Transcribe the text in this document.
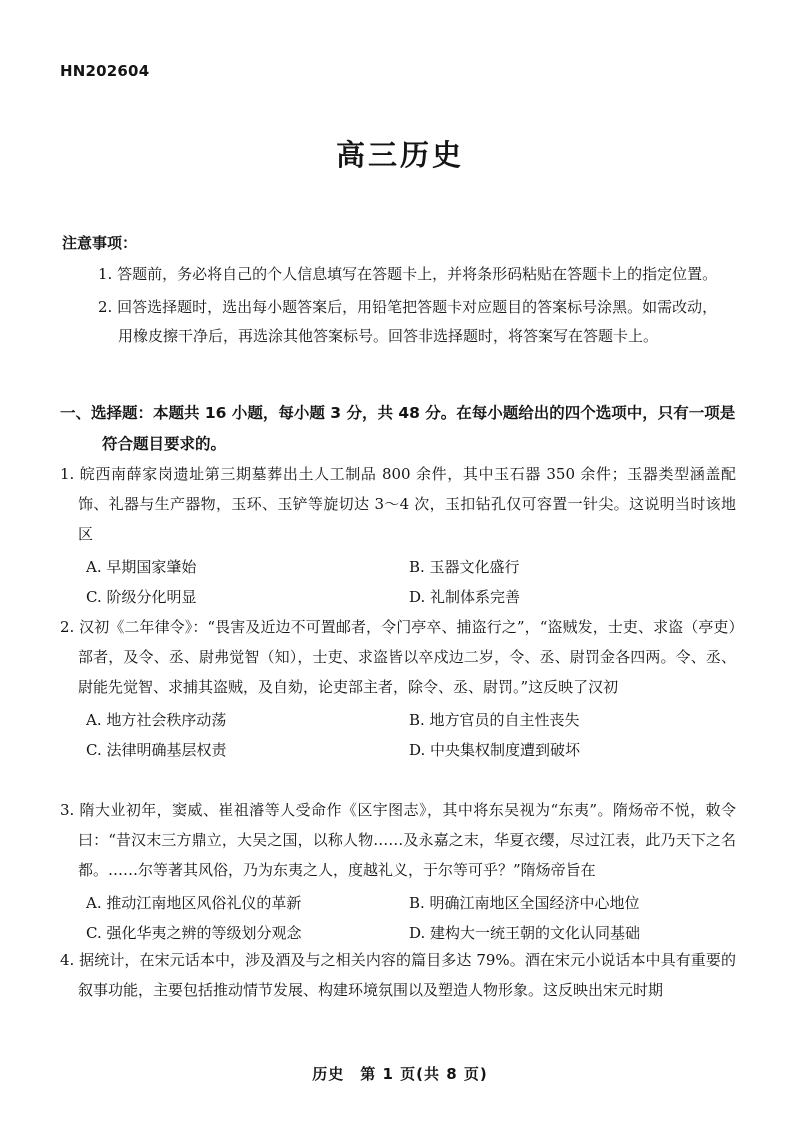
HN202604
高三历史
注意事项：
1. 答题前，务必将自己的个人信息填写在答题卡上，并将条形码粘贴在答题卡上的指定位置。
2. 回答选择题时，选出每小题答案后，用铅笔把答题卡对应题目的答案标号涂黑。如需改动，用橡皮擦干净后，再选涂其他答案标号。回答非选择题时，将答案写在答题卡上。
一、选择题：本题共 16 小题，每小题 3 分，共 48 分。在每小题给出的四个选项中，只有一项是
符合题目要求的。
1. 皖西南薛家岗遗址第三期墓葬出土人工制品 800 余件，其中玉石器 350 余件；玉器类型涵盖配饰、礼器与生产器物，玉环、玉铲等旋切达 3～4 次，玉扣钻孔仅可容置一针尖。这说明当时该地区
A. 早期国家肇始	B. 玉器文化盛行
C. 阶级分化明显	D. 礼制体系完善
2. 汉初《二年律令》：“畏害及近边不可置邮者，令门亭卒、捕盗行之”，“盗贼发，士吏、求盗（亭吏）部者，及令、丞、尉弗觉智（知），士吏、求盗皆以卒戍边二岁，令、丞、尉罚金各四两。令、丞、尉能先觉智、求捕其盗贼，及自劾，论吏部主者，除令、丞、尉罚。”这反映了汉初
A. 地方社会秩序动荡	B. 地方官员的自主性丧失
C. 法律明确基层权责	D. 中央集权制度遭到破坏
3. 隋大业初年，窦威、崔祖濬等人受命作《区宇图志》，其中将东吴视为“东夷”。隋炀帝不悦，敕令曰：“昔汉末三方鼎立，大吴之国，以称人物……及永嘉之末，华夏衣缨，尽过江表，此乃天下之名都。……尔等著其风俗，乃为东夷之人，度越礼义，于尔等可乎？”隋炀帝旨在
A. 推动江南地区风俗礼仪的革新	B. 明确江南地区全国经济中心地位
C. 强化华夷之辨的等级划分观念	D. 建构大一统王朝的文化认同基础
4. 据统计，在宋元话本中，涉及酒及与之相关内容的篇目多达 79%。酒在宋元小说话本中具有重要的叙事功能，主要包括推动情节发展、构建环境氛围以及塑造人物形象。这反映出宋元时期
历史　第 1 页(共 8 页)
